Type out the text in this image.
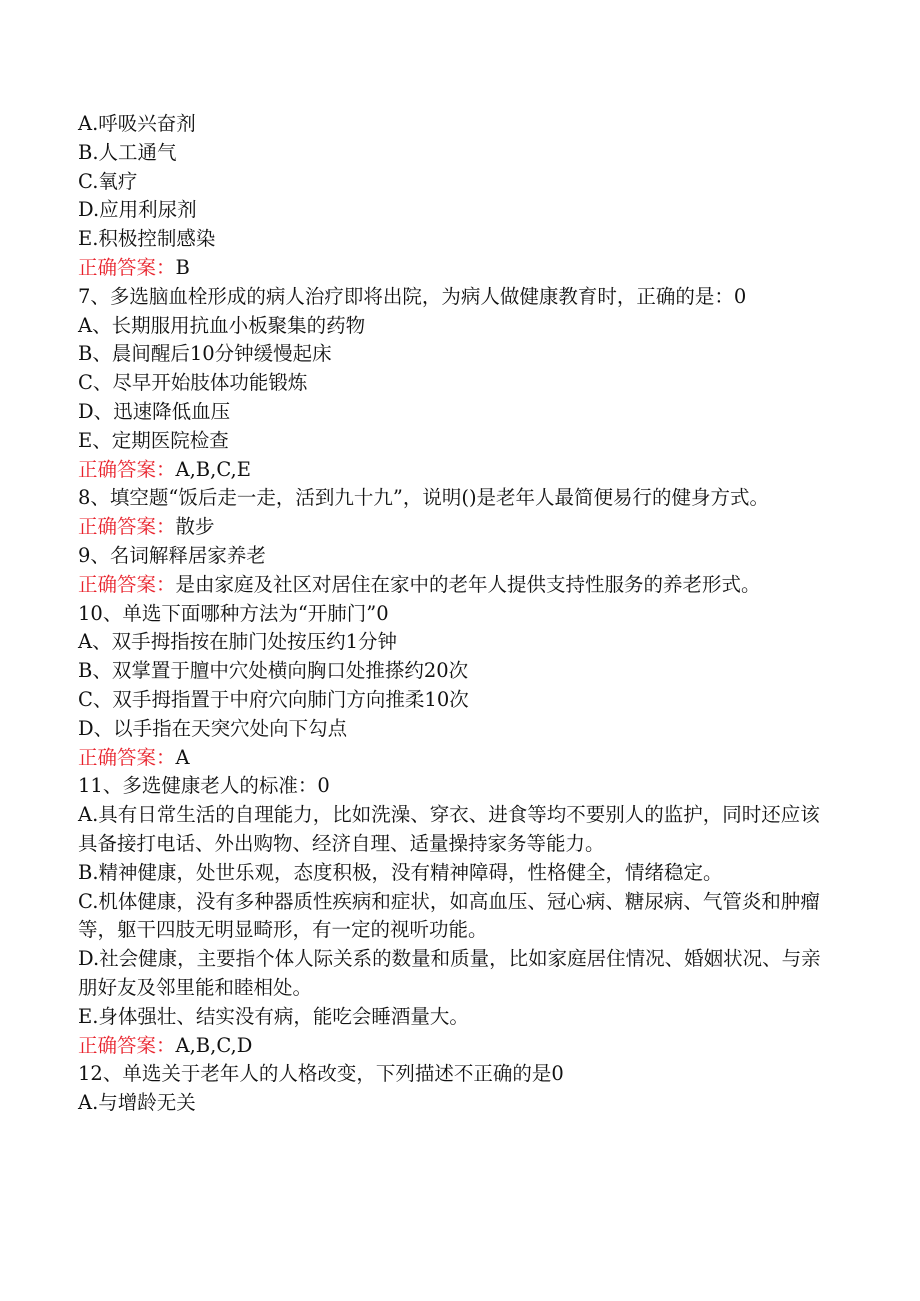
A.呼吸兴奋剂

B.人工通气

C.氧疗

D.应用利尿剂

E.积极控制感染

正确答案：B

7、多选脑血栓形成的病人治疗即将出院，为病人做健康教育时，正确的是：0

A、长期服用抗血小板聚集的药物

B、晨间醒后10分钟缓慢起床

C、尽早开始肢体功能锻炼

D、迅速降低血压

E、定期医院检查

正确答案：A,B,C,E

8、填空题“饭后走一走，活到九十九”，说明()是老年人最简便易行的健身方式。

正确答案：散步

9、名词解释居家养老

正确答案：是由家庭及社区对居住在家中的老年人提供支持性服务的养老形式。

10、单选下面哪种方法为“开肺门”0

A、双手拇指按在肺门处按压约1分钟

B、双掌置于膻中穴处横向胸口处推搽约20次

C、双手拇指置于中府穴向肺门方向推柔10次

D、以手指在天突穴处向下勾点

正确答案：A

11、多选健康老人的标准：0

A.具有日常生活的自理能力，比如洗澡、穿衣、进食等均不要别人的监护，同时还应该具备接打电话、外出购物、经济自理、适量操持家务等能力。

B.精神健康，处世乐观，态度积极，没有精神障碍，性格健全，情绪稳定。

C.机体健康，没有多种器质性疾病和症状，如高血压、冠心病、糖尿病、气管炎和肿瘤等，躯干四肢无明显畸形，有一定的视听功能。

D.社会健康，主要指个体人际关系的数量和质量，比如家庭居住情况、婚姻状况、与亲朋好友及邻里能和睦相处。

E.身体强壮、结实没有病，能吃会睡酒量大。

正确答案：A,B,C,D

12、单选关于老年人的人格改变，下列描述不正确的是0

A.与增龄无关
